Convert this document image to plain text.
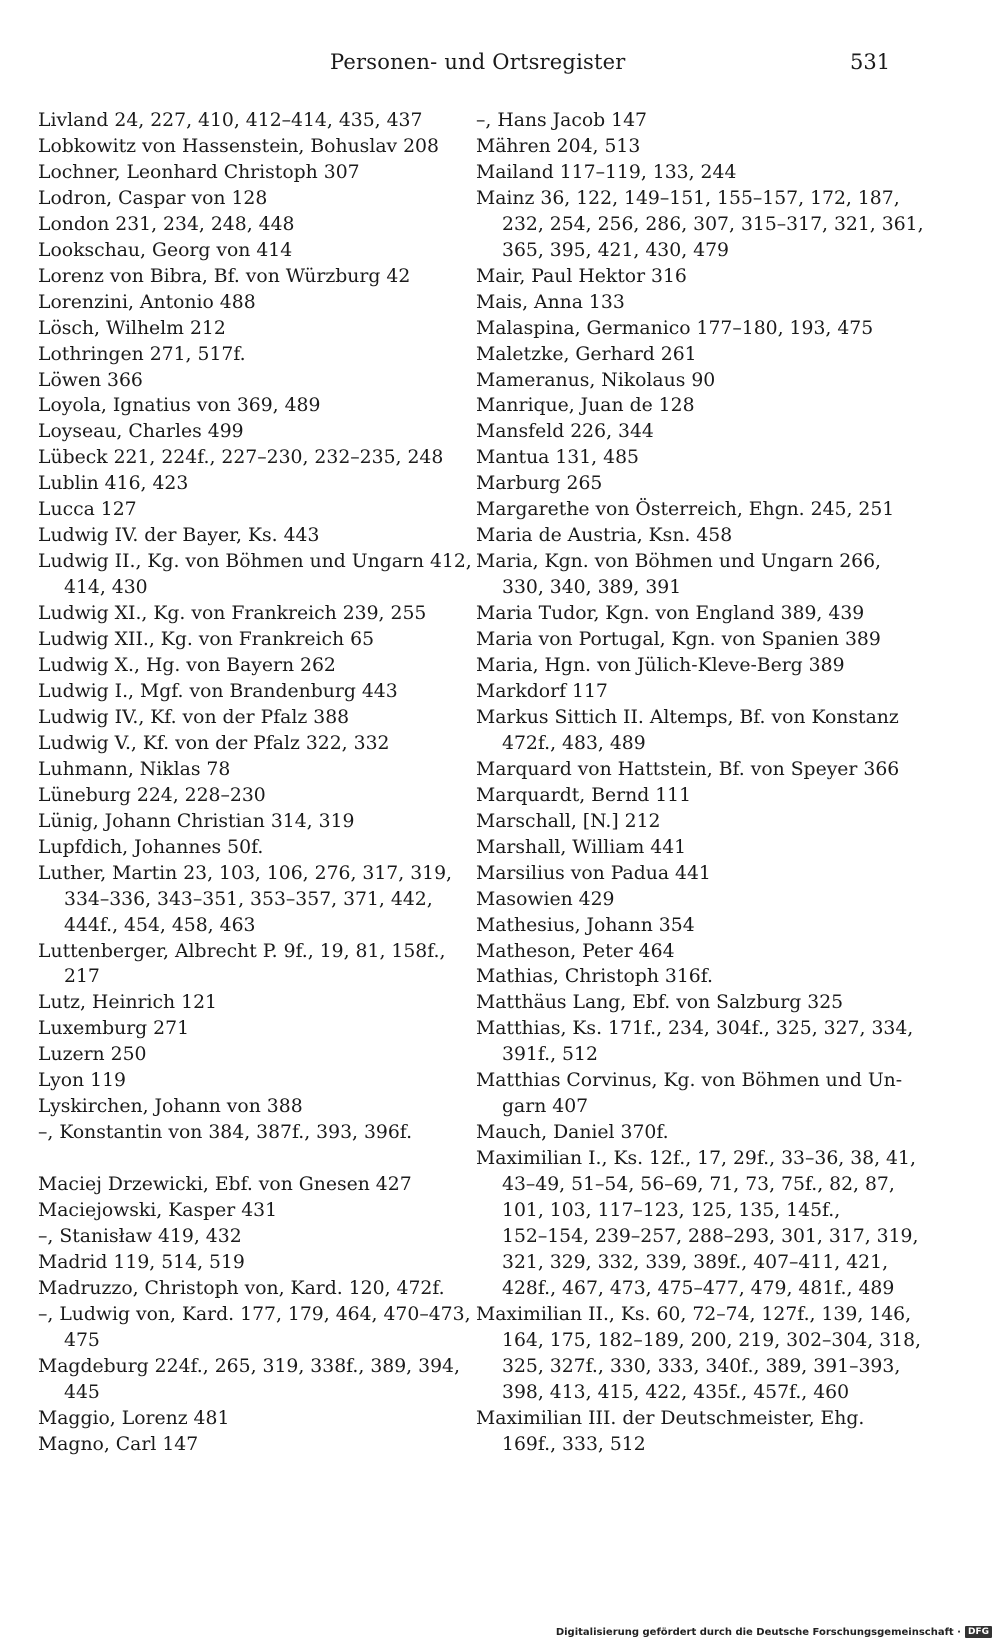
Personen- und Ortsregister	531
Livland 24, 227, 410, 412–414, 435, 437
Lobkowitz von Hassenstein, Bohuslav 208
Lochner, Leonhard Christoph 307
Lodron, Caspar von 128
London 231, 234, 248, 448
Lookschau, Georg von 414
Lorenz von Bibra, Bf. von Würzburg 42
Lorenzini, Antonio 488
Lösch, Wilhelm 212
Lothringen 271, 517f.
Löwen 366
Loyola, Ignatius von 369, 489
Loyseau, Charles 499
Lübeck 221, 224f., 227–230, 232–235, 248
Lublin 416, 423
Lucca 127
Ludwig IV. der Bayer, Ks. 443
Ludwig II., Kg. von Böhmen und Ungarn 412,
414, 430
Ludwig XI., Kg. von Frankreich 239, 255
Ludwig XII., Kg. von Frankreich 65
Ludwig X., Hg. von Bayern 262
Ludwig I., Mgf. von Brandenburg 443
Ludwig IV., Kf. von der Pfalz 388
Ludwig V., Kf. von der Pfalz 322, 332
Luhmann, Niklas 78
Lüneburg 224, 228–230
Lünig, Johann Christian 314, 319
Lupfdich, Johannes 50f.
Luther, Martin 23, 103, 106, 276, 317, 319,
334–336, 343–351, 353–357, 371, 442,
444f., 454, 458, 463
Luttenberger, Albrecht P. 9f., 19, 81, 158f.,
217
Lutz, Heinrich 121
Luxemburg 271
Luzern 250
Lyon 119
Lyskirchen, Johann von 388
–, Konstantin von 384, 387f., 393, 396f.
Maciej Drzewicki, Ebf. von Gnesen 427
Maciejowski, Kasper 431
–, Stanisław 419, 432
Madrid 119, 514, 519
Madruzzo, Christoph von, Kard. 120, 472f.
–, Ludwig von, Kard. 177, 179, 464, 470–473,
475
Magdeburg 224f., 265, 319, 338f., 389, 394,
445
Maggio, Lorenz 481
Magno, Carl 147
–, Hans Jacob 147
Mähren 204, 513
Mailand 117–119, 133, 244
Mainz 36, 122, 149–151, 155–157, 172, 187,
232, 254, 256, 286, 307, 315–317, 321, 361,
365, 395, 421, 430, 479
Mair, Paul Hektor 316
Mais, Anna 133
Malaspina, Germanico 177–180, 193, 475
Maletzke, Gerhard 261
Mameranus, Nikolaus 90
Manrique, Juan de 128
Mansfeld 226, 344
Mantua 131, 485
Marburg 265
Margarethe von Österreich, Ehgn. 245, 251
Maria de Austria, Ksn. 458
Maria, Kgn. von Böhmen und Ungarn 266,
330, 340, 389, 391
Maria Tudor, Kgn. von England 389, 439
Maria von Portugal, Kgn. von Spanien 389
Maria, Hgn. von Jülich-Kleve-Berg 389
Markdorf 117
Markus Sittich II. Altemps, Bf. von Konstanz
472f., 483, 489
Marquard von Hattstein, Bf. von Speyer 366
Marquardt, Bernd 111
Marschall, [N.] 212
Marshall, William 441
Marsilius von Padua 441
Masowien 429
Mathesius, Johann 354
Matheson, Peter 464
Mathias, Christoph 316f.
Matthäus Lang, Ebf. von Salzburg 325
Matthias, Ks. 171f., 234, 304f., 325, 327, 334,
391f., 512
Matthias Corvinus, Kg. von Böhmen und Un-
garn 407
Mauch, Daniel 370f.
Maximilian I., Ks. 12f., 17, 29f., 33–36, 38, 41,
43–49, 51–54, 56–69, 71, 73, 75f., 82, 87,
101, 103, 117–123, 125, 135, 145f.,
152–154, 239–257, 288–293, 301, 317, 319,
321, 329, 332, 339, 389f., 407–411, 421,
428f., 467, 473, 475–477, 479, 481f., 489
Maximilian II., Ks. 60, 72–74, 127f., 139, 146,
164, 175, 182–189, 200, 219, 302–304, 318,
325, 327f., 330, 333, 340f., 389, 391–393,
398, 413, 415, 422, 435f., 457f., 460
Maximilian III. der Deutschmeister, Ehg.
169f., 333, 512
Digitalisierung gefördert durch die Deutsche Forschungsgemeinschaft · DFG
